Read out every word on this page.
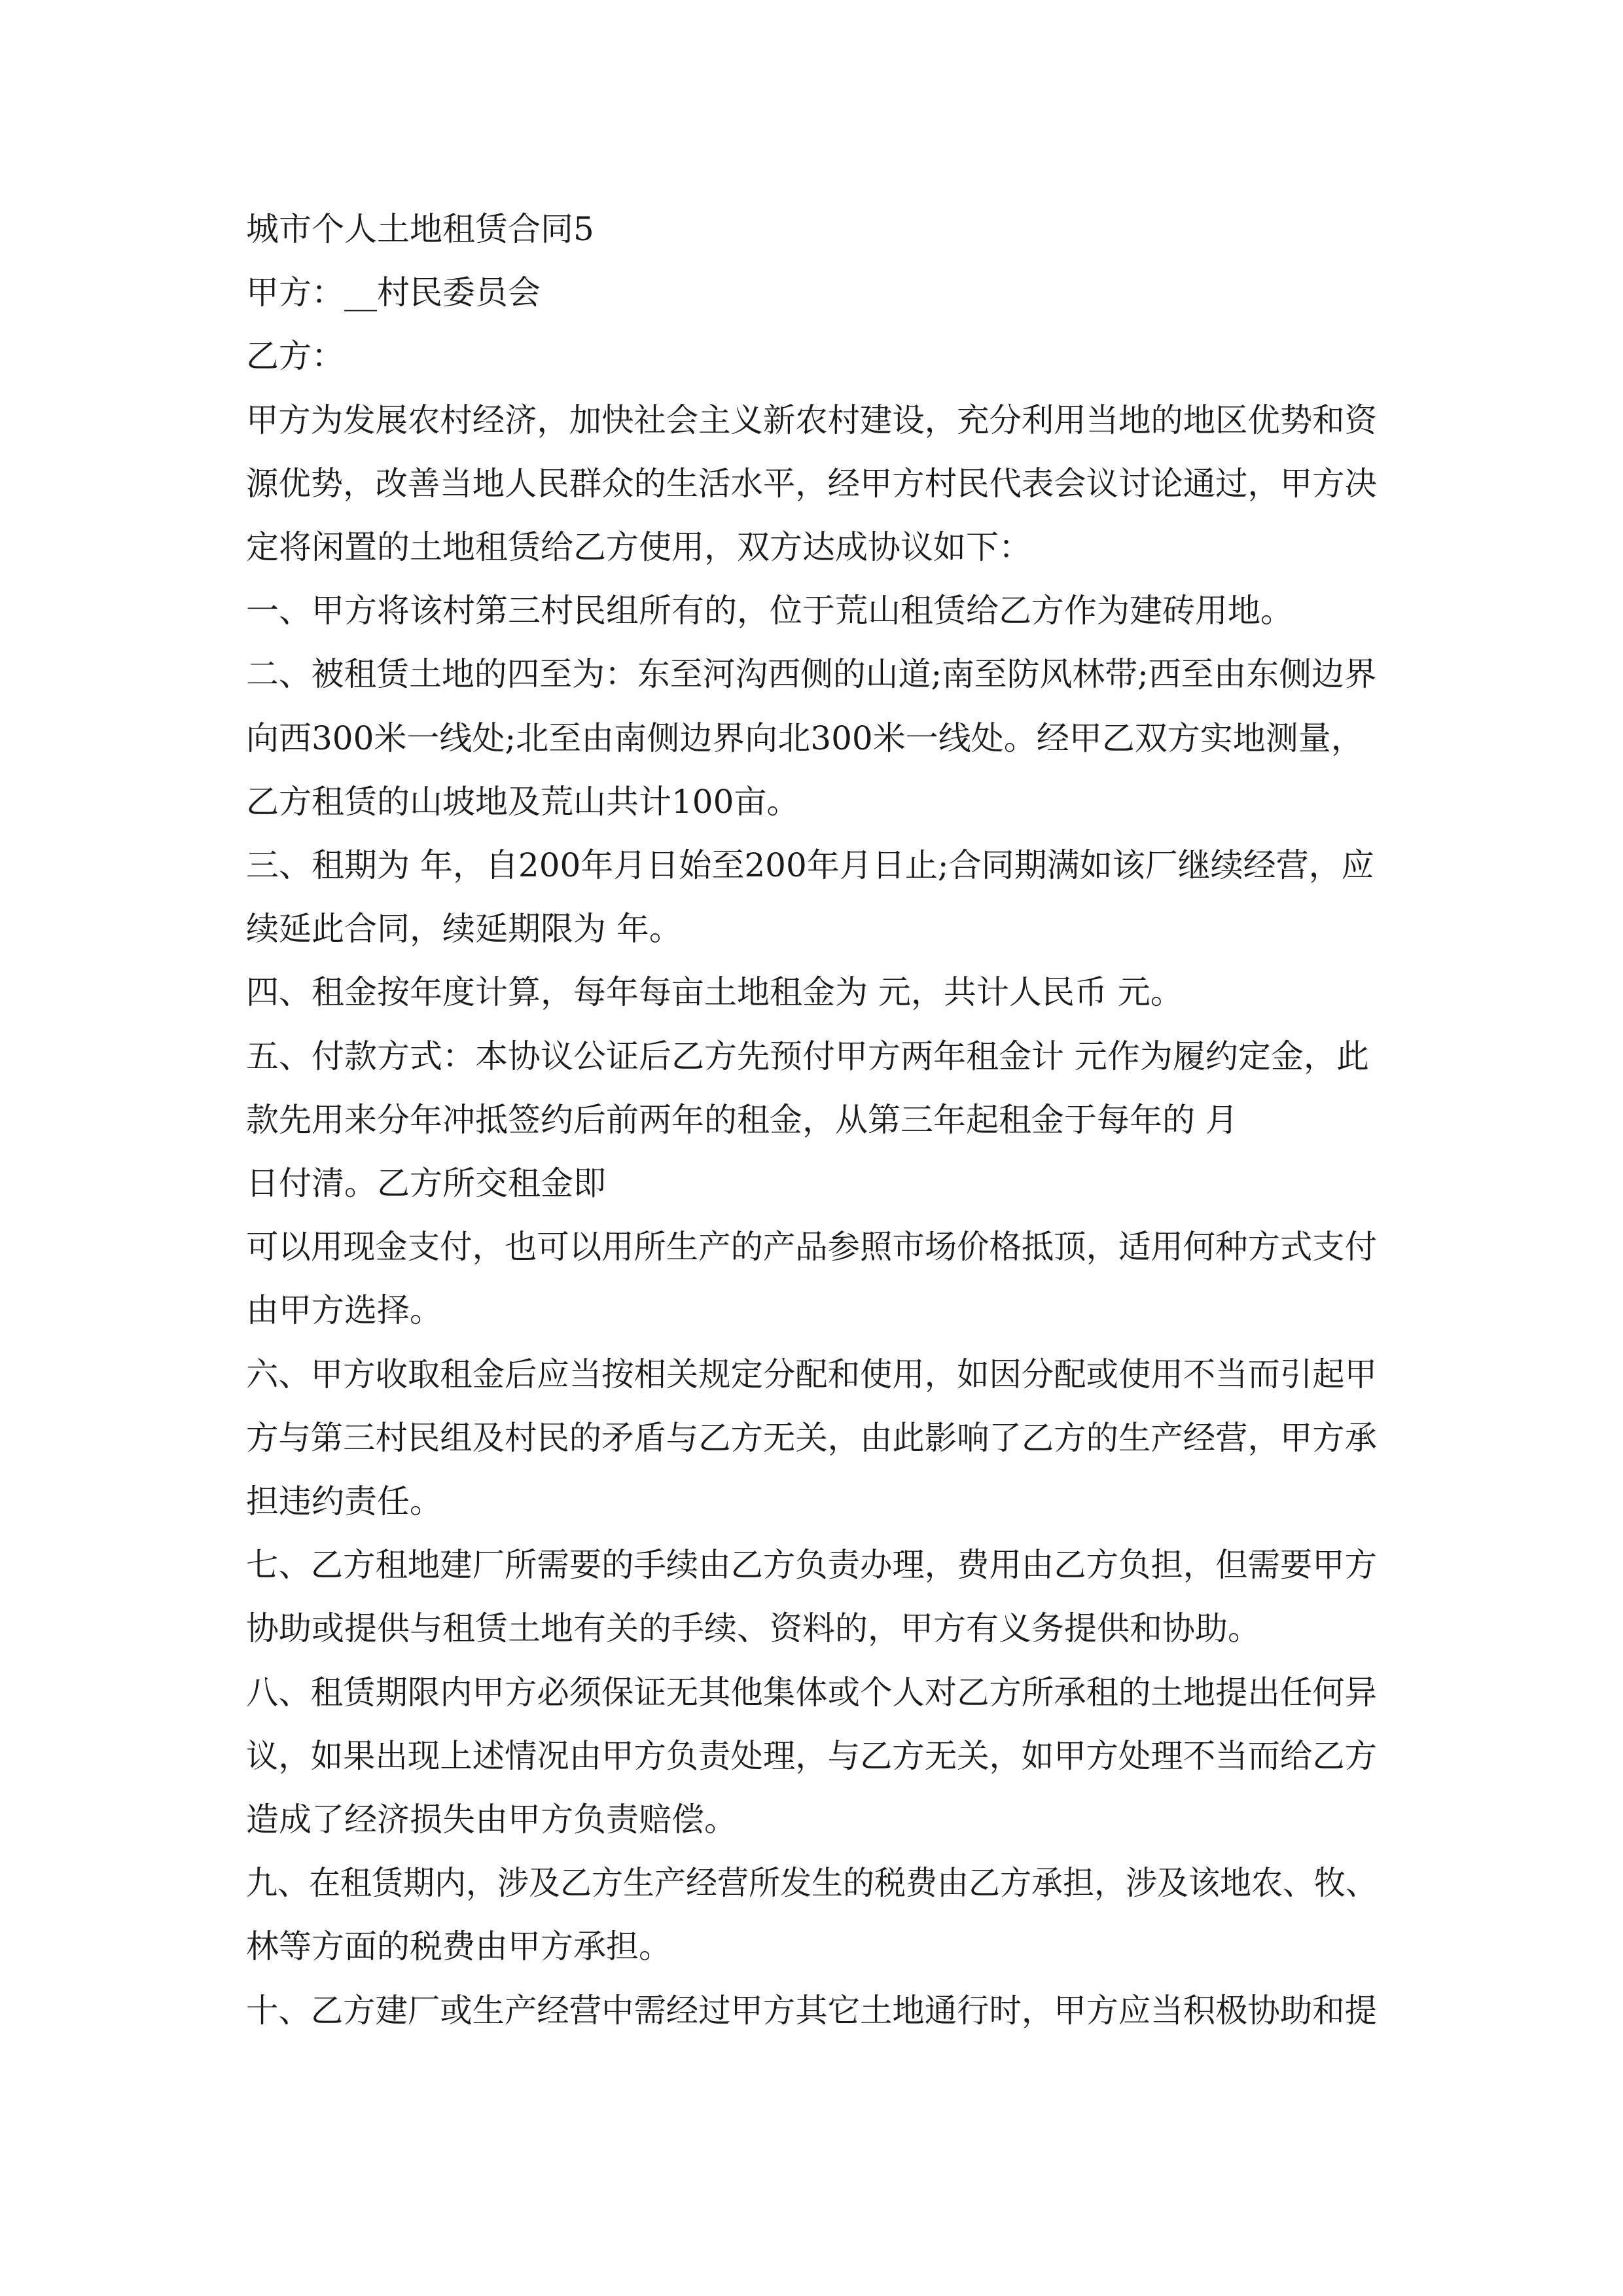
城市个人土地租赁合同5
甲方：__村民委员会
乙方：
甲方为发展农村经济，加快社会主义新农村建设，充分利用当地的地区优势和资
源优势，改善当地人民群众的生活水平，经甲方村民代表会议讨论通过，甲方决
定将闲置的土地租赁给乙方使用，双方达成协议如下：
一、甲方将该村第三村民组所有的，位于荒山租赁给乙方作为建砖用地。
二、被租赁土地的四至为：东至河沟西侧的山道;南至防风林带;西至由东侧边界
向西300米一线处;北至由南侧边界向北300米一线处。经甲乙双方实地测量，
乙方租赁的山坡地及荒山共计100亩。
三、租期为 年，自200年月日始至200年月日止;合同期满如该厂继续经营，应
续延此合同，续延期限为 年。
四、租金按年度计算，每年每亩土地租金为 元，共计人民币 元。
五、付款方式：本协议公证后乙方先预付甲方两年租金计 元作为履约定金，此
款先用来分年冲抵签约后前两年的租金，从第三年起租金于每年的 月
日付清。乙方所交租金即
可以用现金支付，也可以用所生产的产品参照市场价格抵顶，适用何种方式支付
由甲方选择。
六、甲方收取租金后应当按相关规定分配和使用，如因分配或使用不当而引起甲
方与第三村民组及村民的矛盾与乙方无关，由此影响了乙方的生产经营，甲方承
担违约责任。
七、乙方租地建厂所需要的手续由乙方负责办理，费用由乙方负担，但需要甲方
协助或提供与租赁土地有关的手续、资料的，甲方有义务提供和协助。
八、租赁期限内甲方必须保证无其他集体或个人对乙方所承租的土地提出任何异
议，如果出现上述情况由甲方负责处理，与乙方无关，如甲方处理不当而给乙方
造成了经济损失由甲方负责赔偿。
九、在租赁期内，涉及乙方生产经营所发生的税费由乙方承担，涉及该地农、牧、
林等方面的税费由甲方承担。
十、乙方建厂或生产经营中需经过甲方其它土地通行时，甲方应当积极协助和提
